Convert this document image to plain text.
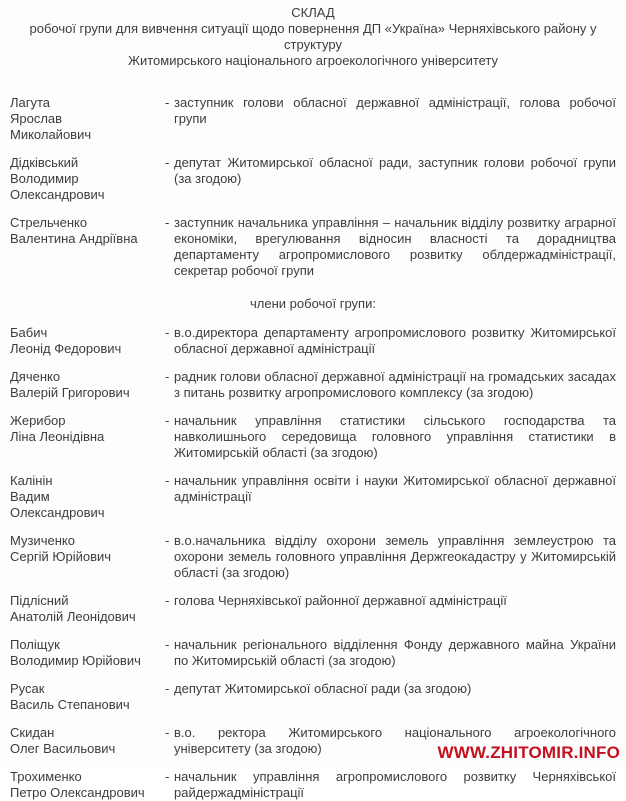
СКЛАД
робочої групи для вивчення ситуації щодо повернення ДП «Україна» Черняхівського району у структуру
Житомирського національного агроекологічного університету
Лагута
Ярослав Миколайович
- заступник голови обласної державної адміністрації, голова робочої групи
Дідківський
Володимир Олександрович
- депутат Житомирської обласної ради, заступник голови робочої групи (за згодою)
Стрельченко
Валентина Андріївна
- заступник начальника управління – начальник відділу розвитку аграрної економіки, врегулювання відносин власності та дорадництва департаменту агропромислового розвитку облдержадміністрації, секретар робочої групи
члени робочої групи:
Бабич
Леонід Федорович
- в.о.директора департаменту агропромислового розвитку Житомирської обласної державної адміністрації
Дяченко
Валерій Григорович
- радник голови обласної державної адміністрації на громадських засадах з питань розвитку агропромислового комплексу (за згодою)
Жерибор
Ліна Леонідівна
- начальник управління статистики сільського господарства та навколишнього середовища головного управління статистики в Житомирській області (за згодою)
Калінін
Вадим Олександрович
- начальник управління освіти і науки Житомирської обласної державної адміністрації
Музиченко
Сергій Юрійович
- в.о.начальника відділу охорони земель управління землеустрою та охорони земель головного управління Держгеокадастру у Житомирській області (за згодою)
Підлісний
Анатолій Леонідович
- голова Черняхівської районної державної адміністрації
Поліщук
Володимир Юрійович
- начальник регіонального відділення Фонду державного майна України по Житомирській області (за згодою)
Русак
Василь Степанович
- депутат Житомирської обласної ради (за згодою)
Скидан
Олег Васильович
- в.о. ректора Житомирського національного агроекологічного університету (за згодою)
Трохименко
Петро Олександрович
- начальник управління агропромислового розвитку Черняхівської райдержадміністрації
WWW.ZHITOMIR.INFO
